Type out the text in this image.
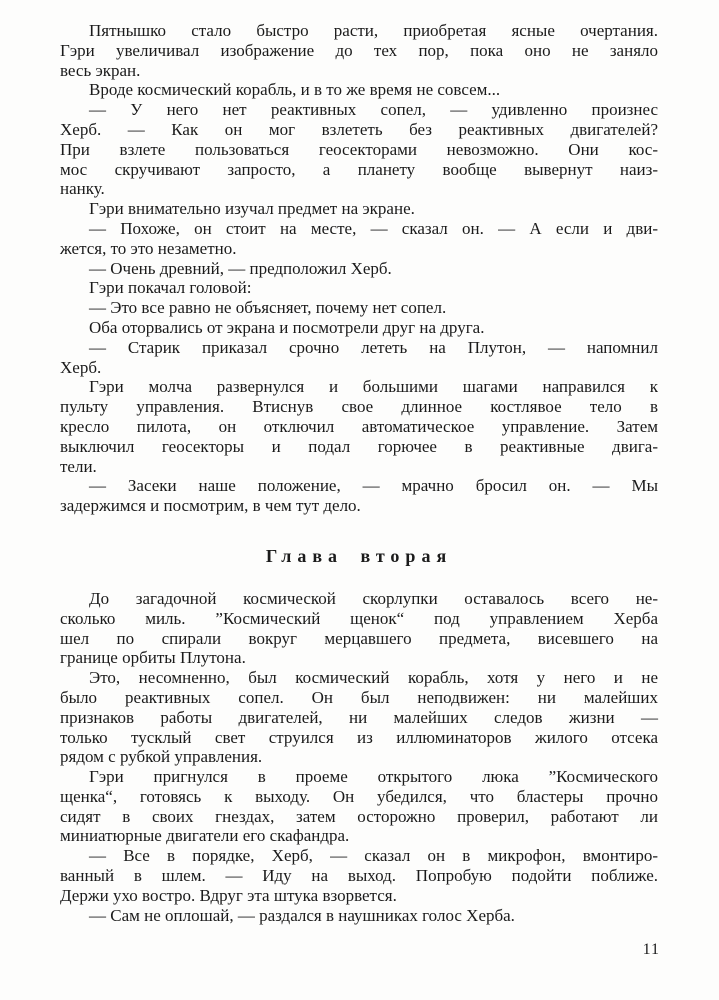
Пятнышко стало быстро расти, приобретая ясные очертания.
Гэри увеличивал изображение до тех пор, пока оно не заняло
весь экран.

Вроде космический корабль, и в то же время не совсем...

— У него нет реактивных сопел, — удивленно произнес
Херб. — Как он мог взлететь без реактивных двигателей?
При взлете пользоваться геосекторами невозможно. Они кос-
мос скручивают запросто, а планету вообще вывернут наиз-
нанку.

Гэри внимательно изучал предмет на экране.

— Похоже, он стоит на месте, — сказал он. — А если и дви-
жется, то это незаметно.

— Очень древний, — предположил Херб.

Гэри покачал головой:

— Это все равно не объясняет, почему нет сопел.

Оба оторвались от экрана и посмотрели друг на друга.

— Старик приказал срочно лететь на Плутон, — напомнил
Херб.

Гэри молча развернулся и большими шагами направился к
пульту управления. Втиснув свое длинное костлявое тело в
кресло пилота, он отключил автоматическое управление. Затем
выключил геосекторы и подал горючее в реактивные двига-
тели.

— Засеки наше положение, — мрачно бросил он. — Мы
задержимся и посмотрим, в чем тут дело.

Глава вторая

До загадочной космической скорлупки оставалось всего не-
сколько миль. ”Космический щенок“ под управлением Херба
шел по спирали вокруг мерцавшего предмета, висевшего на
границе орбиты Плутона.

Это, несомненно, был космический корабль, хотя у него и не
было реактивных сопел. Он был неподвижен: ни малейших
признаков работы двигателей, ни малейших следов жизни —
только тусклый свет струился из иллюминаторов жилого отсека
рядом с рубкой управления.

Гэри пригнулся в проеме открытого люка ”Космического
щенка“, готовясь к выходу. Он убедился, что бластеры прочно
сидят в своих гнездах, затем осторожно проверил, работают ли
миниатюрные двигатели его скафандра.

— Все в порядке, Херб, — сказал он в микрофон, вмонтиро-
ванный в шлем. — Иду на выход. Попробую подойти поближе.
Держи ухо востро. Вдруг эта штука взорвется.

— Сам не оплошай, — раздался в наушниках голос Херба.

11
